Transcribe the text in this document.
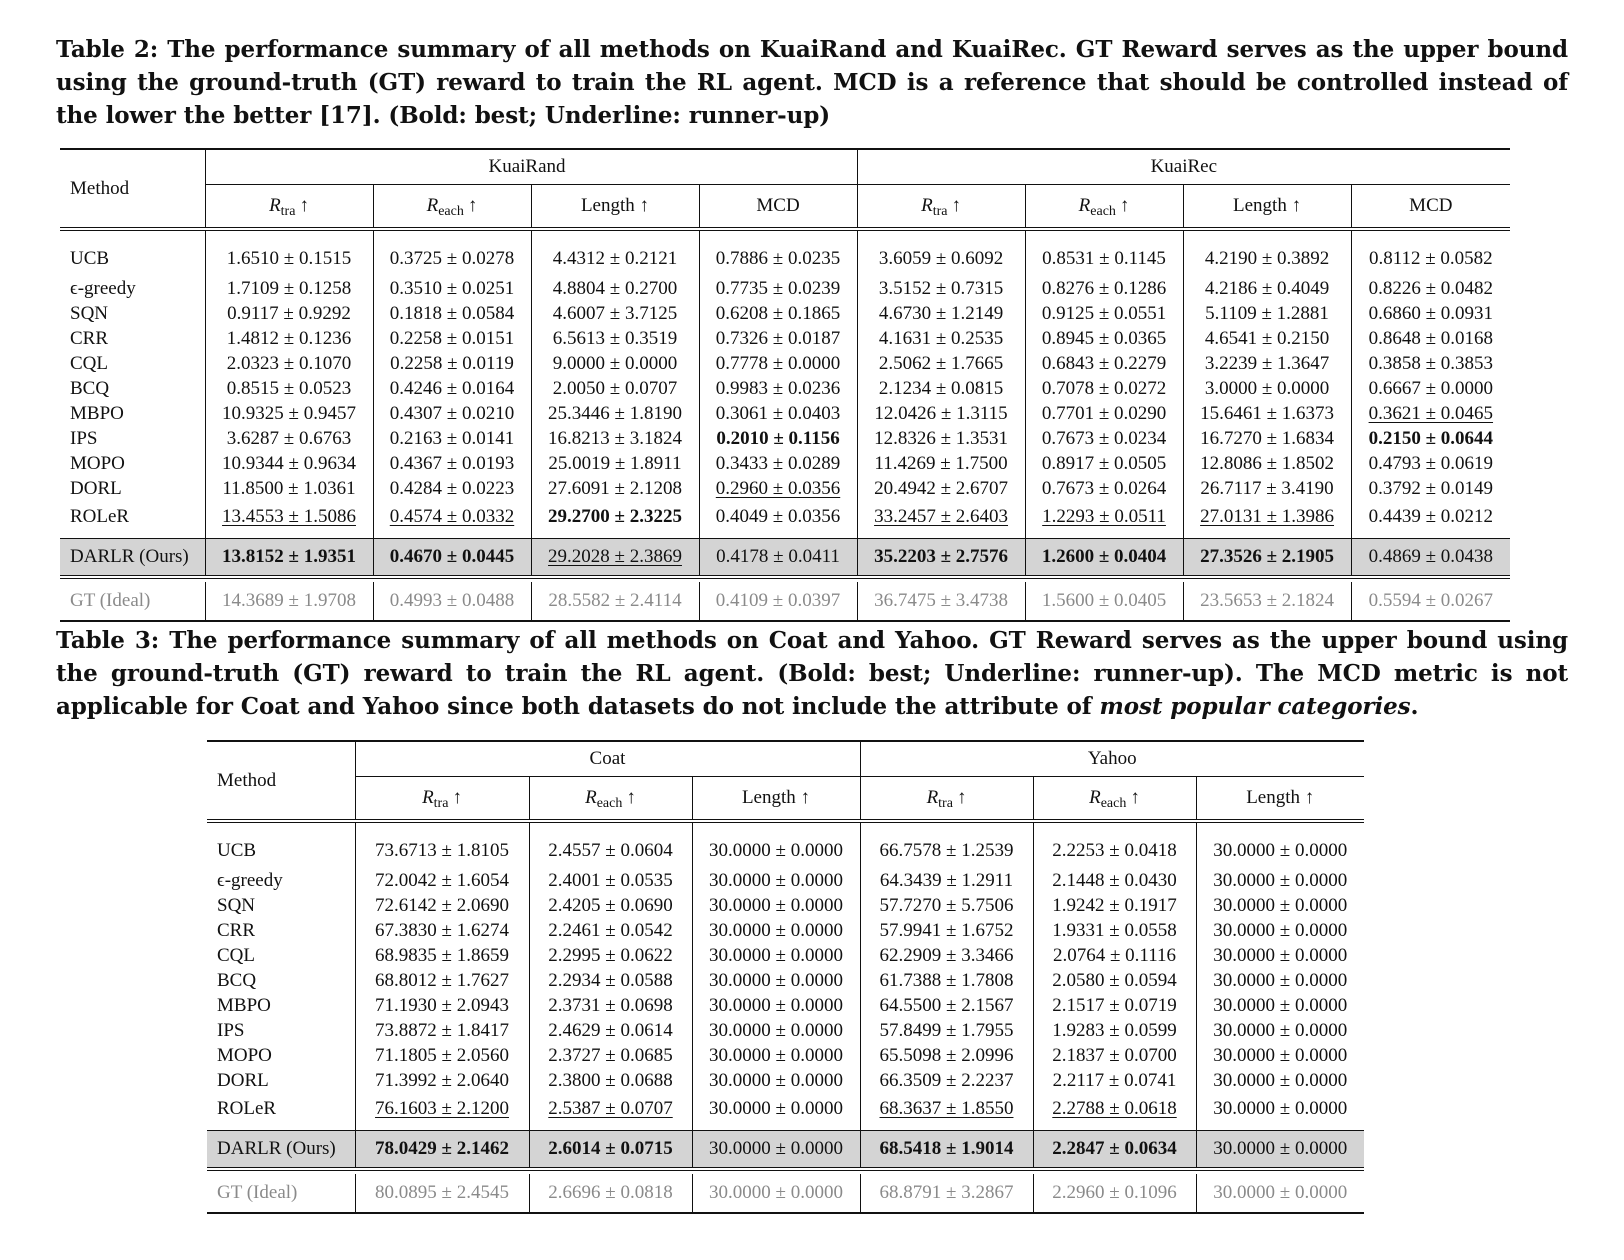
Table 2: The performance summary of all methods on KuaiRand and KuaiRec. GT Reward serves as the upper bound using the ground-truth (GT) reward to train the RL agent. MCD is a reference that should be controlled instead of the lower the better [17]. (Bold: best; Underline: runner-up)
Method	KuaiRand				KuaiRec			
	$R_{tra}$ ↑	$R_{each}$ ↑	Length ↑	MCD	$R_{tra}$ ↑	$R_{each}$ ↑	Length ↑	MCD
UCB	1.6510 ± 0.1515	0.3725 ± 0.0278	4.4312 ± 0.2121	0.7886 ± 0.0235	3.6059 ± 0.6092	0.8531 ± 0.1145	4.2190 ± 0.3892	0.8112 ± 0.0582
ϵ-greedy	1.7109 ± 0.1258	0.3510 ± 0.0251	4.8804 ± 0.2700	0.7735 ± 0.0239	3.5152 ± 0.7315	0.8276 ± 0.1286	4.2186 ± 0.4049	0.8226 ± 0.0482
SQN	0.9117 ± 0.9292	0.1818 ± 0.0584	4.6007 ± 3.7125	0.6208 ± 0.1865	4.6730 ± 1.2149	0.9125 ± 0.0551	5.1109 ± 1.2881	0.6860 ± 0.0931
CRR	1.4812 ± 0.1236	0.2258 ± 0.0151	6.5613 ± 0.3519	0.7326 ± 0.0187	4.1631 ± 0.2535	0.8945 ± 0.0365	4.6541 ± 0.2150	0.8648 ± 0.0168
CQL	2.0323 ± 0.1070	0.2258 ± 0.0119	9.0000 ± 0.0000	0.7778 ± 0.0000	2.5062 ± 1.7665	0.6843 ± 0.2279	3.2239 ± 1.3647	0.3858 ± 0.3853
BCQ	0.8515 ± 0.0523	0.4246 ± 0.0164	2.0050 ± 0.0707	0.9983 ± 0.0236	2.1234 ± 0.0815	0.7078 ± 0.0272	3.0000 ± 0.0000	0.6667 ± 0.0000
MBPO	10.9325 ± 0.9457	0.4307 ± 0.0210	25.3446 ± 1.8190	0.3061 ± 0.0403	12.0426 ± 1.3115	0.7701 ± 0.0290	15.6461 ± 1.6373	0.3621 ± 0.0465
IPS	3.6287 ± 0.6763	0.2163 ± 0.0141	16.8213 ± 3.1824	0.2010 ± 0.1156	12.8326 ± 1.3531	0.7673 ± 0.0234	16.7270 ± 1.6834	0.2150 ± 0.0644
MOPO	10.9344 ± 0.9634	0.4367 ± 0.0193	25.0019 ± 1.8911	0.3433 ± 0.0289	11.4269 ± 1.7500	0.8917 ± 0.0505	12.8086 ± 1.8502	0.4793 ± 0.0619
DORL	11.8500 ± 1.0361	0.4284 ± 0.0223	27.6091 ± 2.1208	0.2960 ± 0.0356	20.4942 ± 2.6707	0.7673 ± 0.0264	26.7117 ± 3.4190	0.3792 ± 0.0149
ROLeR	13.4553 ± 1.5086	0.4574 ± 0.0332	29.2700 ± 2.3225	0.4049 ± 0.0356	33.2457 ± 2.6403	1.2293 ± 0.0511	27.0131 ± 1.3986	0.4439 ± 0.0212
DARLR (Ours)	13.8152 ± 1.9351	0.4670 ± 0.0445	29.2028 ± 2.3869	0.4178 ± 0.0411	35.2203 ± 2.7576	1.2600 ± 0.0404	27.3526 ± 2.1905	0.4869 ± 0.0438

GT (Ideal)	14.3689 ± 1.9708	0.4993 ± 0.0488	28.5582 ± 2.4114	0.4109 ± 0.0397	36.7475 ± 3.4738	1.5600 ± 0.0405	23.5653 ± 2.1824	0.5594 ± 0.0267
Table 3: The performance summary of all methods on Coat and Yahoo. GT Reward serves as the upper bound using the ground-truth (GT) reward to train the RL agent. (Bold: best; Underline: runner-up). The MCD metric is not applicable for Coat and Yahoo since both datasets do not include the attribute of most popular categories.
Method	Coat			Yahoo		
	$R_{tra}$ ↑	$R_{each}$ ↑	Length ↑	$R_{tra}$ ↑	$R_{each}$ ↑	Length ↑
UCB	73.6713 ± 1.8105	2.4557 ± 0.0604	30.0000 ± 0.0000	66.7578 ± 1.2539	2.2253 ± 0.0418	30.0000 ± 0.0000
ϵ-greedy	72.0042 ± 1.6054	2.4001 ± 0.0535	30.0000 ± 0.0000	64.3439 ± 1.2911	2.1448 ± 0.0430	30.0000 ± 0.0000
SQN	72.6142 ± 2.0690	2.4205 ± 0.0690	30.0000 ± 0.0000	57.7270 ± 5.7506	1.9242 ± 0.1917	30.0000 ± 0.0000
CRR	67.3830 ± 1.6274	2.2461 ± 0.0542	30.0000 ± 0.0000	57.9941 ± 1.6752	1.9331 ± 0.0558	30.0000 ± 0.0000
CQL	68.9835 ± 1.8659	2.2995 ± 0.0622	30.0000 ± 0.0000	62.2909 ± 3.3466	2.0764 ± 0.1116	30.0000 ± 0.0000
BCQ	68.8012 ± 1.7627	2.2934 ± 0.0588	30.0000 ± 0.0000	61.7388 ± 1.7808	2.0580 ± 0.0594	30.0000 ± 0.0000
MBPO	71.1930 ± 2.0943	2.3731 ± 0.0698	30.0000 ± 0.0000	64.5500 ± 2.1567	2.1517 ± 0.0719	30.0000 ± 0.0000
IPS	73.8872 ± 1.8417	2.4629 ± 0.0614	30.0000 ± 0.0000	57.8499 ± 1.7955	1.9283 ± 0.0599	30.0000 ± 0.0000
MOPO	71.1805 ± 2.0560	2.3727 ± 0.0685	30.0000 ± 0.0000	65.5098 ± 2.0996	2.1837 ± 0.0700	30.0000 ± 0.0000
DORL	71.3992 ± 2.0640	2.3800 ± 0.0688	30.0000 ± 0.0000	66.3509 ± 2.2237	2.2117 ± 0.0741	30.0000 ± 0.0000
ROLeR	76.1603 ± 2.1200	2.5387 ± 0.0707	30.0000 ± 0.0000	68.3637 ± 1.8550	2.2788 ± 0.0618	30.0000 ± 0.0000
DARLR (Ours)	78.0429 ± 2.1462	2.6014 ± 0.0715	30.0000 ± 0.0000	68.5418 ± 1.9014	2.2847 ± 0.0634	30.0000 ± 0.0000

GT (Ideal)	80.0895 ± 2.4545	2.6696 ± 0.0818	30.0000 ± 0.0000	68.8791 ± 3.2867	2.2960 ± 0.1096	30.0000 ± 0.0000
